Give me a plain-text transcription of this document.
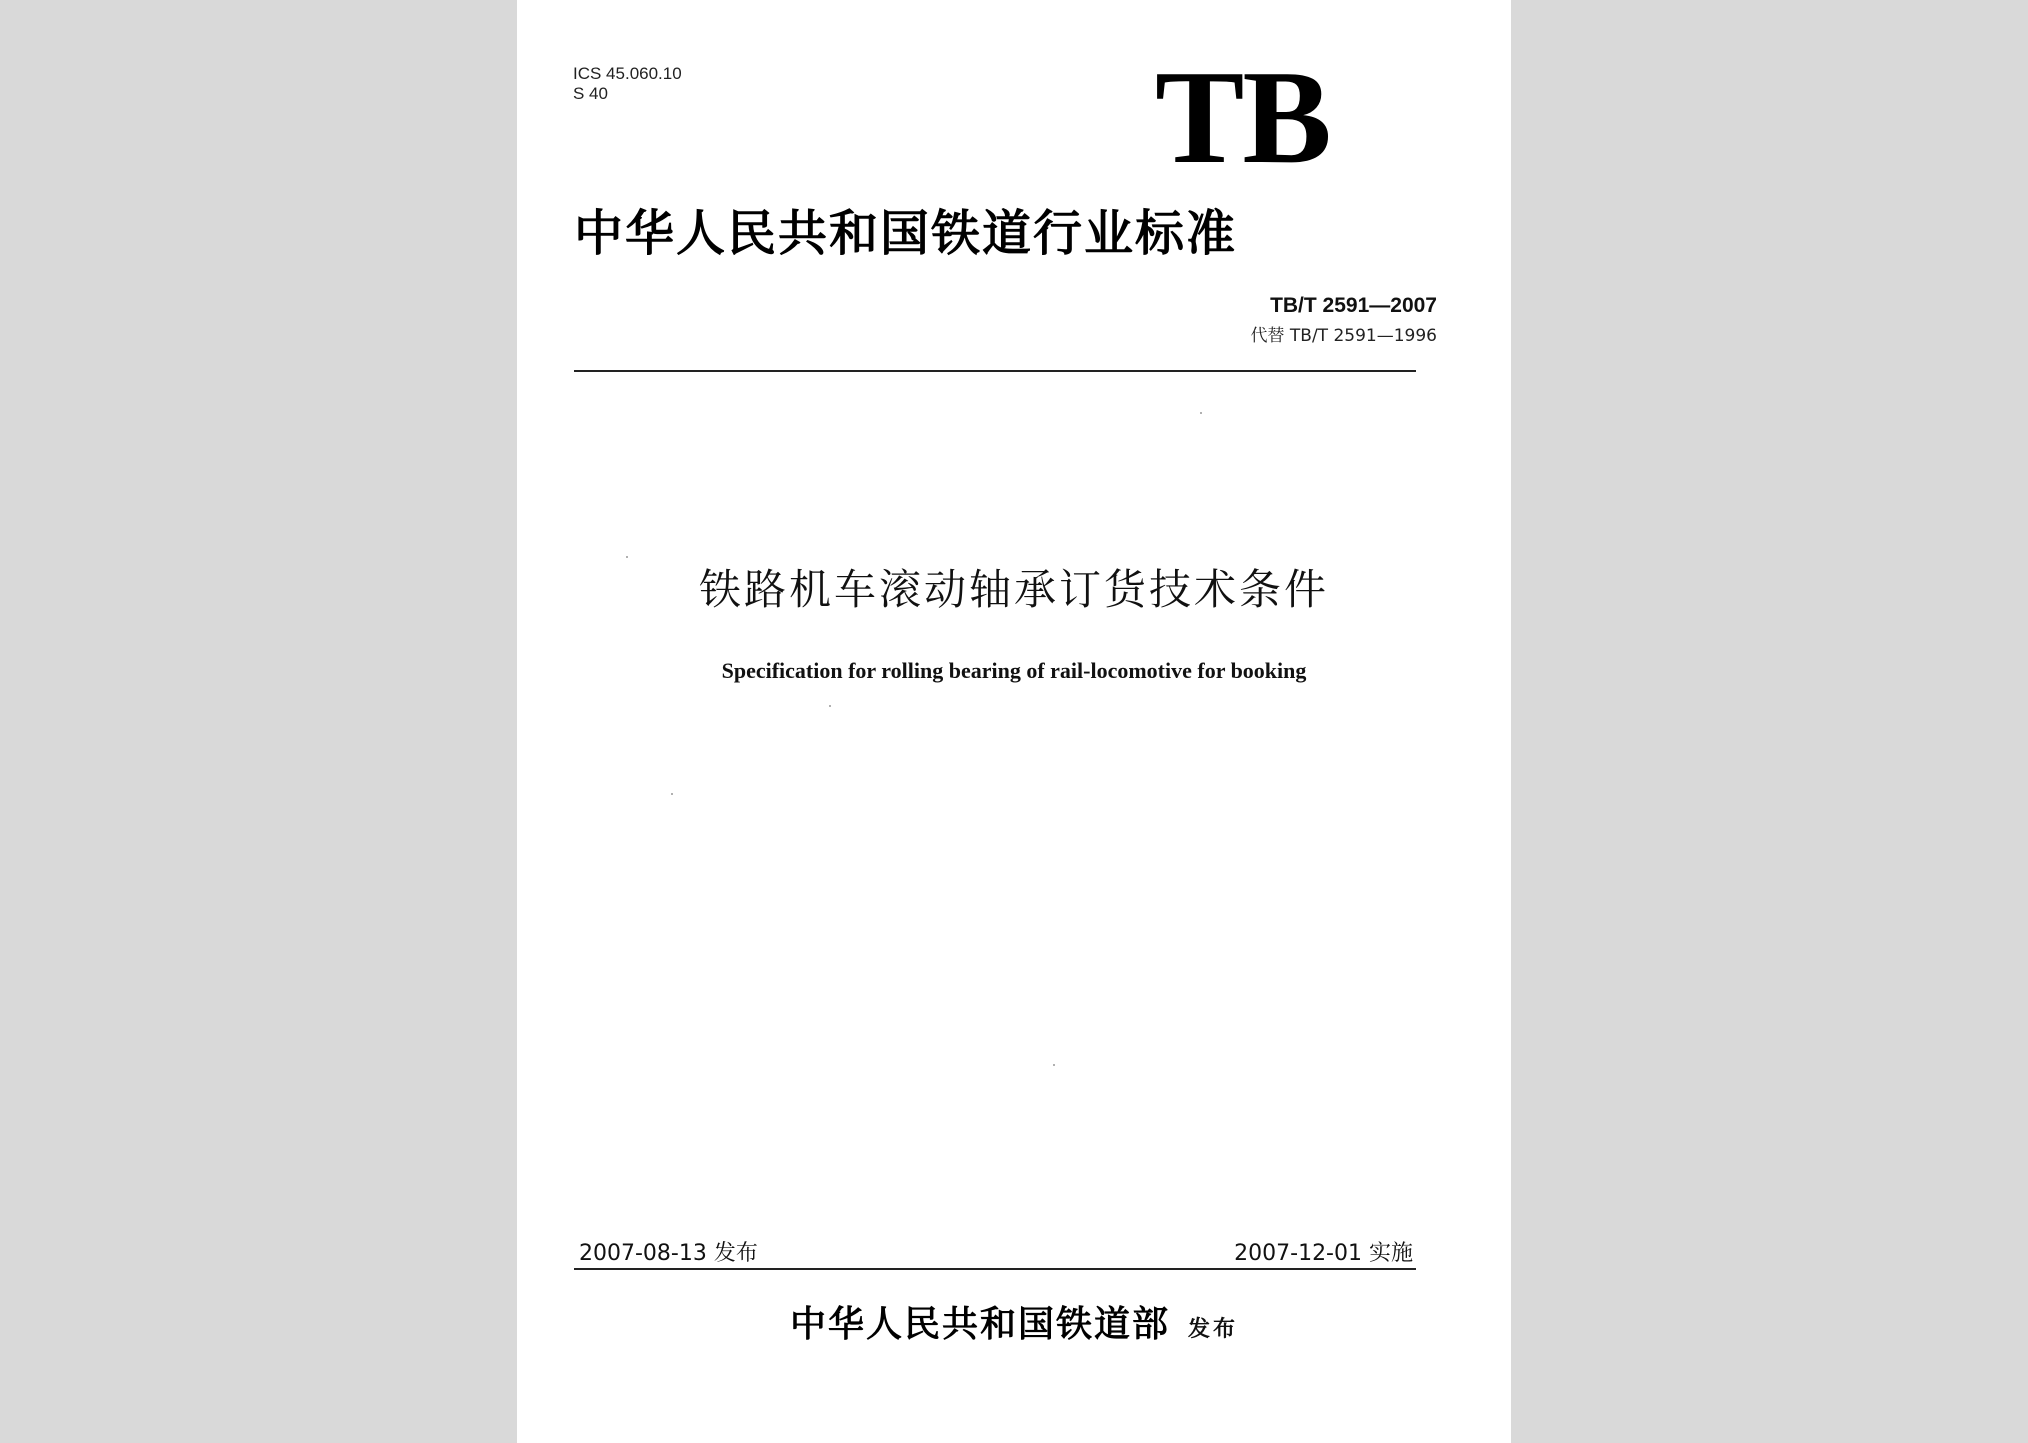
ICS 45.060.10
S 40	TB
中华人民共和国铁道行业标准
TB/T 2591—2007
代替 TB/T 2591—1996
铁路机车滚动轴承订货技术条件
Specification for rolling bearing of rail-locomotive for booking
2007-08-13 发布	2007-12-01 实施
中华人民共和国铁道部 发布
